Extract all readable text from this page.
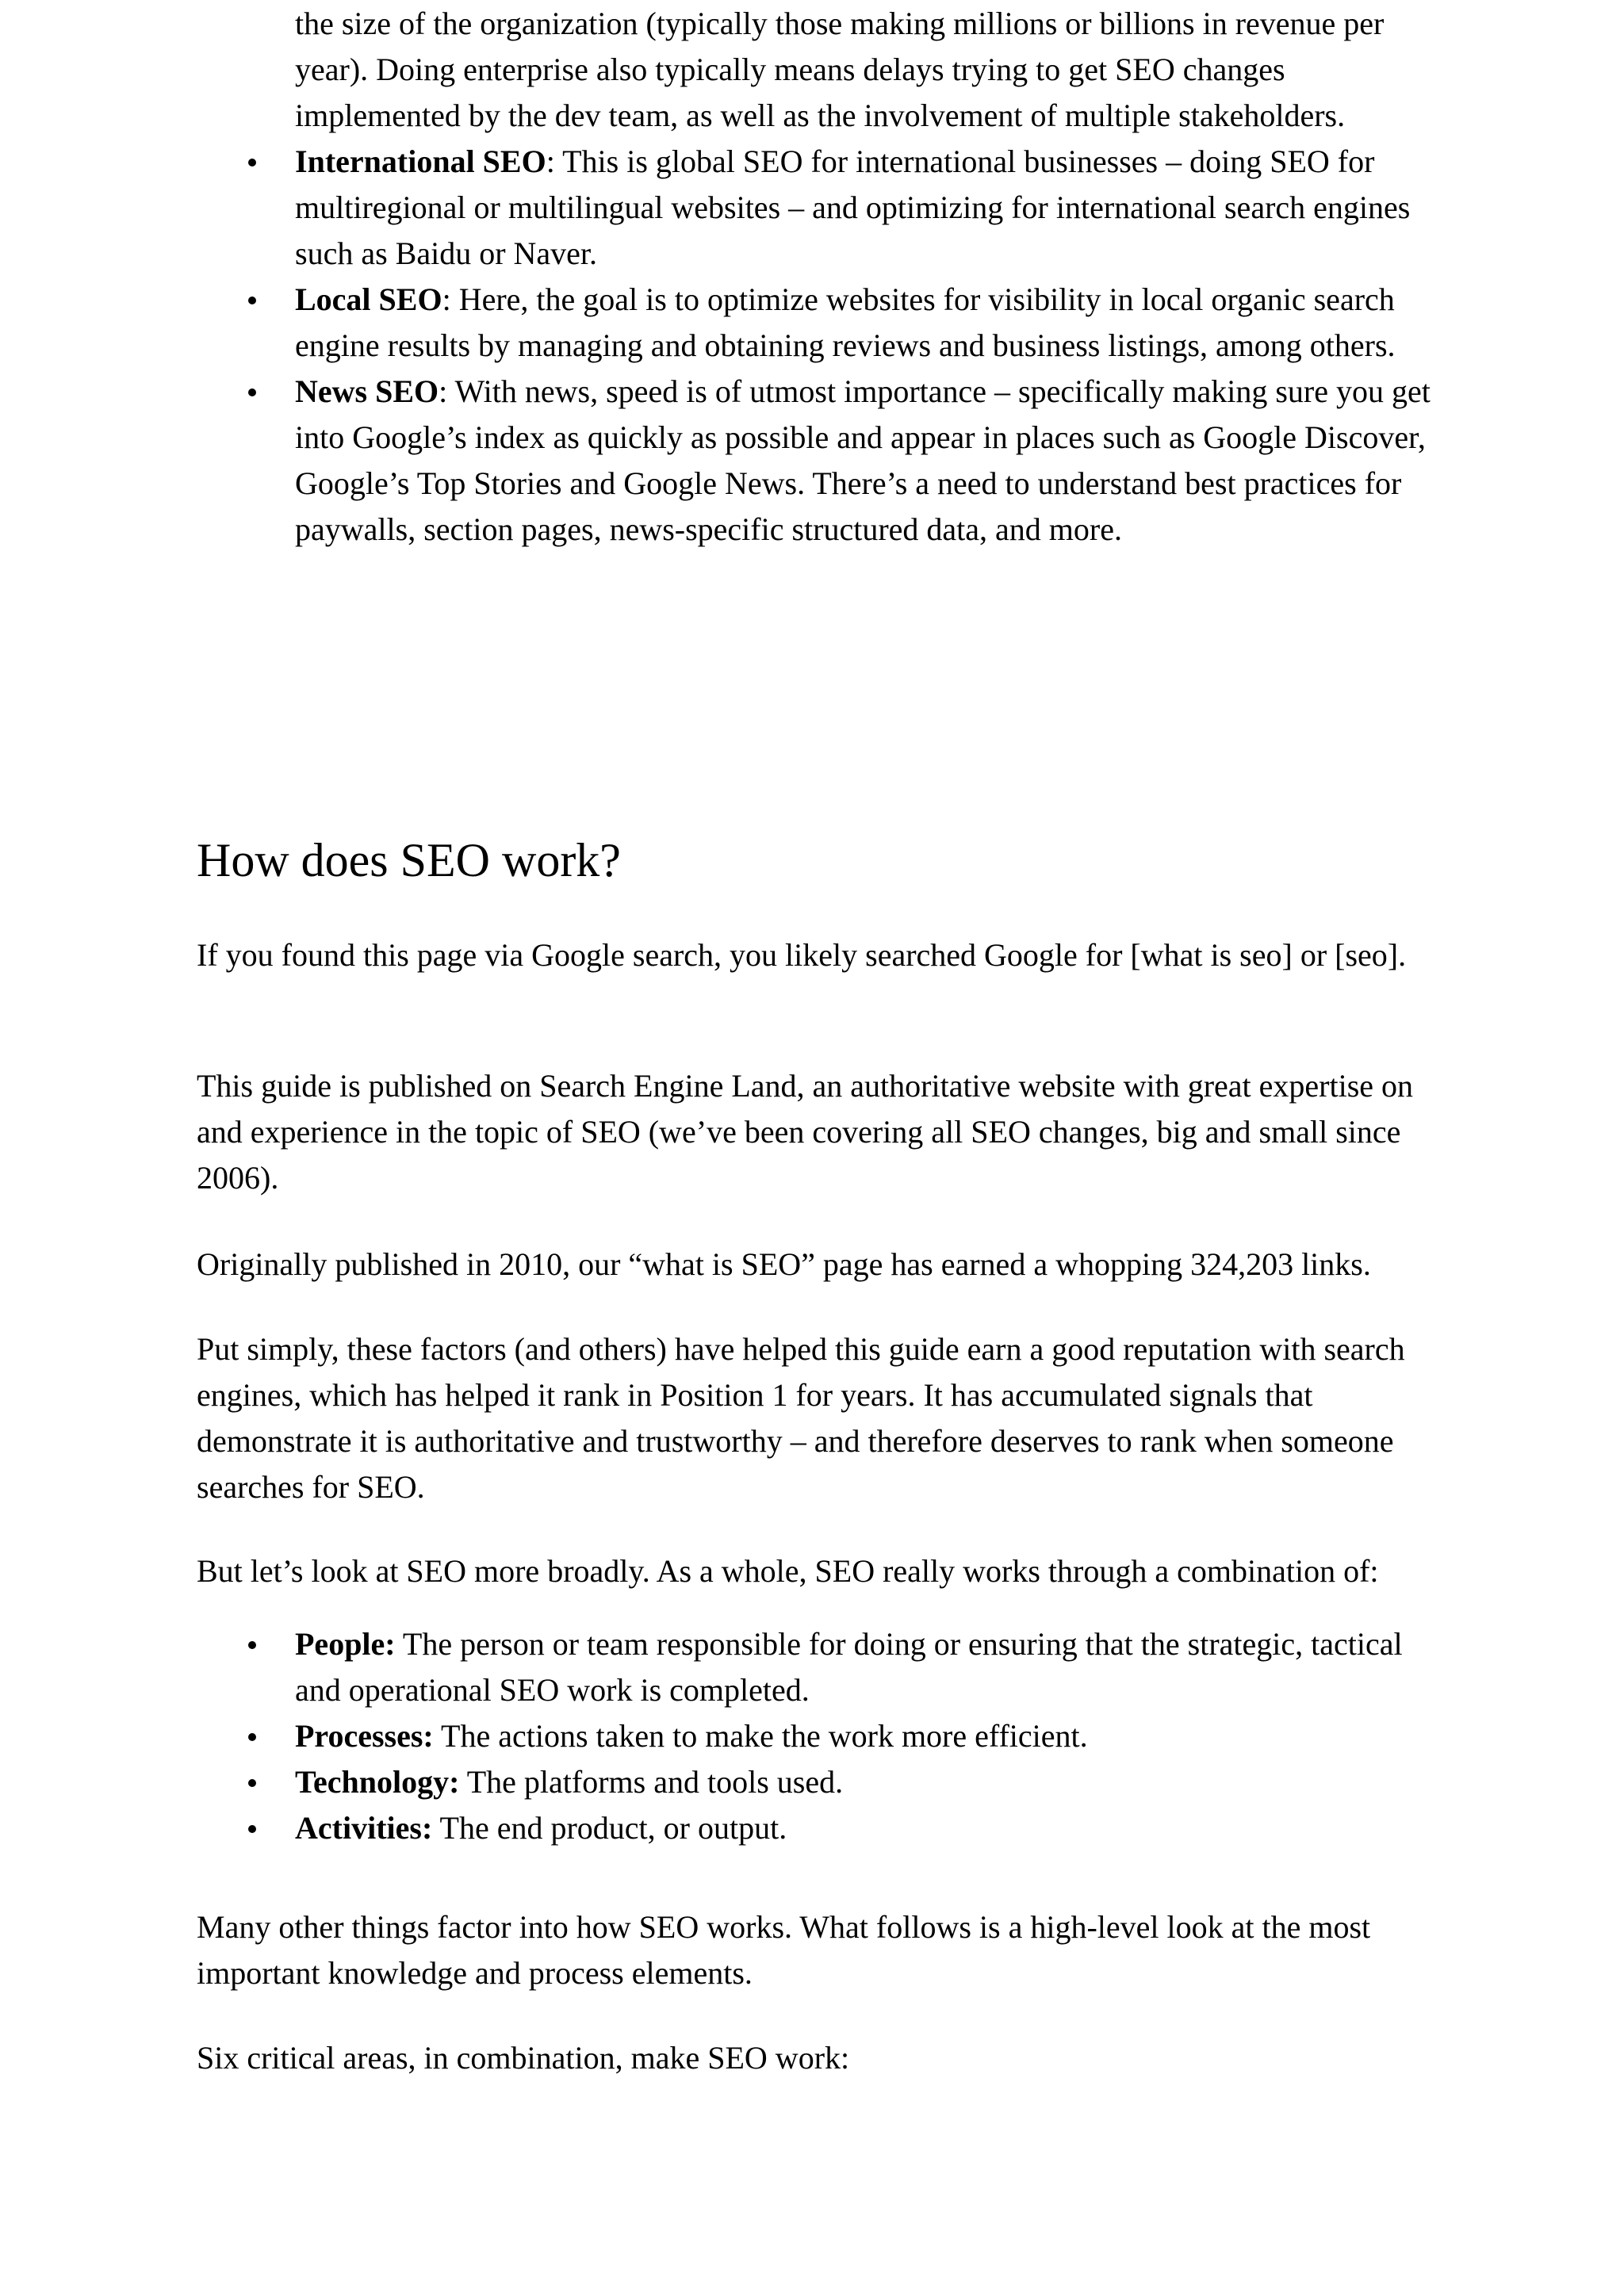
the size of the organization (typically those making millions or billions in revenue per year). Doing enterprise also typically means delays trying to get SEO changes implemented by the dev team, as well as the involvement of multiple stakeholders.
International SEO: This is global SEO for international businesses – doing SEO for multiregional or multilingual websites – and optimizing for international search engines such as Baidu or Naver.
Local SEO: Here, the goal is to optimize websites for visibility in local organic search engine results by managing and obtaining reviews and business listings, among others.
News SEO: With news, speed is of utmost importance – specifically making sure you get into Google’s index as quickly as possible and appear in places such as Google Discover, Google’s Top Stories and Google News. There’s a need to understand best practices for paywalls, section pages, news-specific structured data, and more.
How does SEO work?

If you found this page via Google search, you likely searched Google for [what is seo] or [seo].

This guide is published on Search Engine Land, an authoritative website with great expertise on and experience in the topic of SEO (we’ve been covering all SEO changes, big and small since 2006).

Originally published in 2010, our “what is SEO” page has earned a whopping 324,203 links.

Put simply, these factors (and others) have helped this guide earn a good reputation with search engines, which has helped it rank in Position 1 for years. It has accumulated signals that demonstrate it is authoritative and trustworthy – and therefore deserves to rank when someone searches for SEO.

But let’s look at SEO more broadly. As a whole, SEO really works through a combination of:

People: The person or team responsible for doing or ensuring that the strategic, tactical and operational SEO work is completed.
Processes: The actions taken to make the work more efficient.
Technology: The platforms and tools used.
Activities: The end product, or output.

Many other things factor into how SEO works. What follows is a high-level look at the most important knowledge and process elements.

Six critical areas, in combination, make SEO work:
